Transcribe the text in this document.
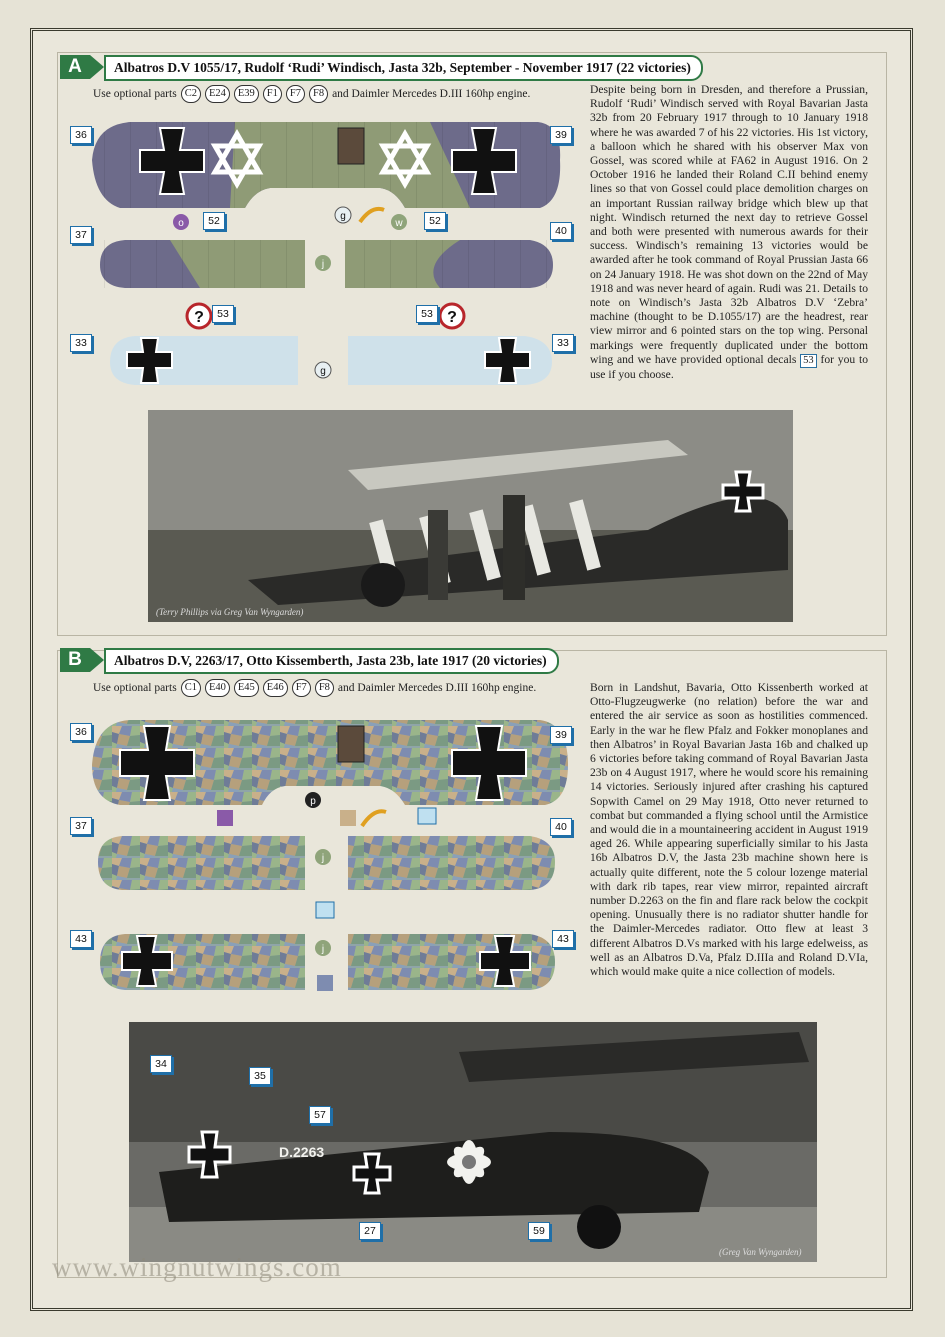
A	Albatros D.V 1055/17, Rudolf ‘Rudi’ Windisch, Jasta 32b, September - November 1917 (22 victories)
Use optional parts C2	E24	E39	F1	F7	F8 and Daimler Mercedes D.III 160hp engine.	Despite being born in Dresden, and therefore a Prussian, Rudolf ‘Rudi’ Windisch served with Royal Bavarian Jasta 32b from 20 February 1917 through to 10 January 1918 where he was awarded 7 of his 22 victories. His 1st victory, a balloon which he shared with his observer Max von Gossel, was scored while at FA62 in August 1916. On 2 October 1916 he landed their Roland C.II behind enemy lines so that von Gossel could place demolition charges on an important Russian railway bridge which blew up that night. Windisch returned the next day to retrieve Gossel and both were presented with numerous awards for their success. Windisch’s remaining 13 victories would be awarded after he took command of Royal Prussian Jasta 66 on 24 January 1918. He was shot down on the 22nd of May 1918 and was never heard of again. Rudi was 21. Details to note on Windisch’s Jasta 32b Albatros D.V ‘Zebra’ machine (thought to be D.1055/17) are the headrest, rear view mirror and 6 pointed stars on the top wing. Personal markings were frequently duplicated under the bottom wing and we have provided optional decals 53 for you to use if you choose.
?	?
o
g
w
j
g
36	39
37	40
52	52
33	33
53	53
(Terry Phillips via Greg Van Wyngarden)
B	Albatros D.V, 2263/17, Otto Kissemberth, Jasta 23b, late 1917 (20 victories)
Use optional parts C1	E40	E45	E46	F7	F8 and Daimler Mercedes D.III 160hp engine.	Born in Landshut, Bavaria, Otto Kissenberth worked at Otto-Flugzeugwerke (no relation) before the war and entered the air service as soon as hostilities commenced. Early in the war he flew Pfalz and Fokker monoplanes and then Albatros’ in Royal Bavarian Jasta 16b and chalked up 6 victories before taking command of Royal Bavarian Jasta 23b on 4 August 1917, where he would score his remaining 14 victories. Seriously injured after crashing his captured Sopwith Camel on 29 May 1918, Otto never returned to combat but commanded a flying school until the Armistice and would die in a mountaineering accident in August 1919 aged 26. While appearing superficially similar to his Jasta 16b Albatros D.V, the Jasta 23b machine shown here is actually quite different, note the 5 colour lozenge material with dark rib tapes, rear view mirror, repainted aircraft number D.2263 on the fin and flare rack below the cockpit opening. Unusually there is no radiator shutter handle for the Daimler-Mercedes radiator. Otto flew at least 3 different Albatros D.Vs marked with his large edelweiss, as well as an Albatros D.Va, Pfalz D.IIIa and Roland D.VIa, which would make quite a nice collection of models.
p
j
j
36	39
37	40
43	43
(Greg Van Wyngarden)
D.2263
34
35
57
27	59
www.wingnutwings.com
